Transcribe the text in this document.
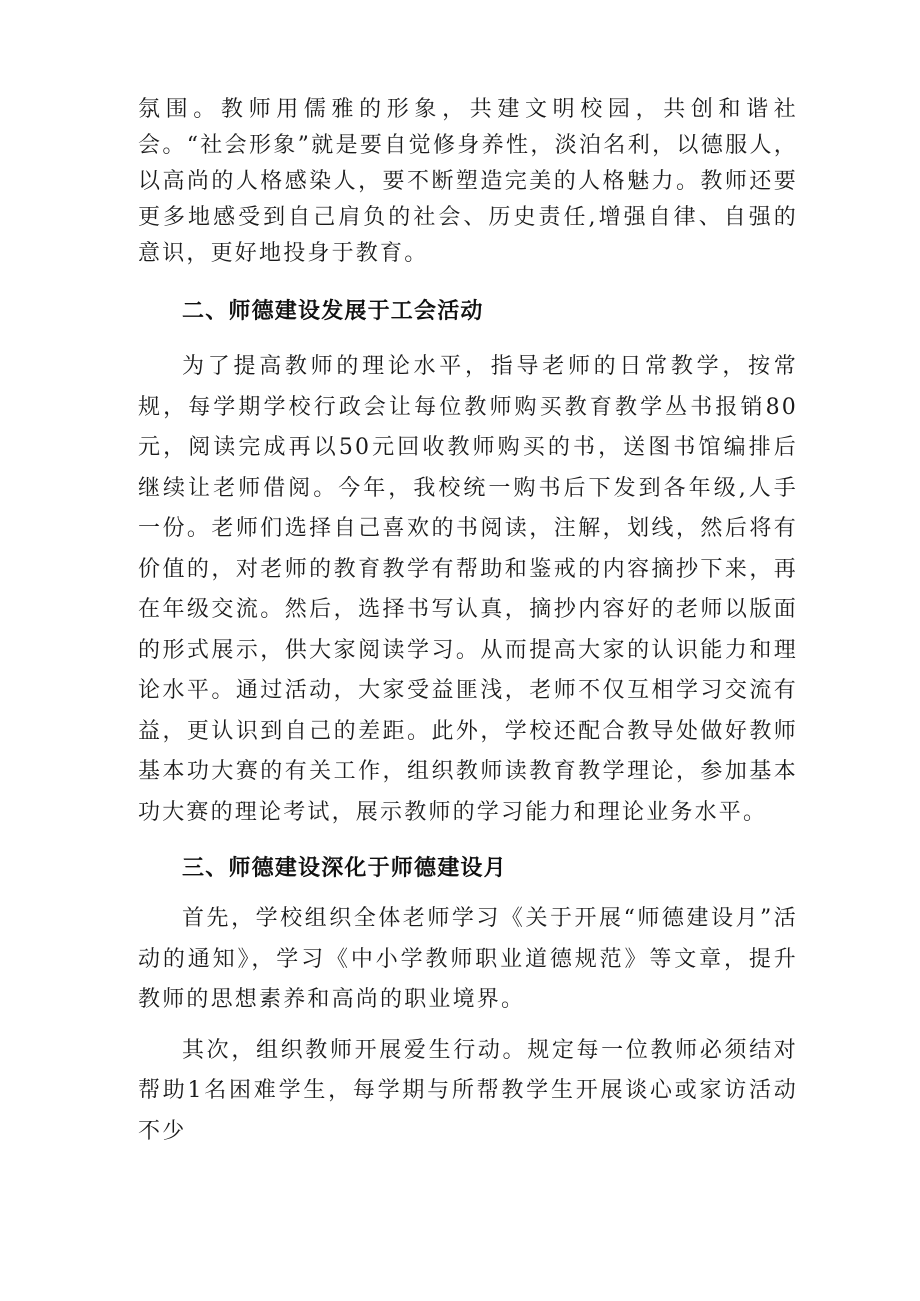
氛围。教师用儒雅的形象，共建文明校园，共创和谐社会。“社会形象”就是要自觉修身养性，淡泊名利，以德服人，以高尚的人格感染人，要不断塑造完美的人格魅力。教师还要更多地感受到自己肩负的社会、历史责任,增强自律、自强的意识，更好地投身于教育。

二、师德建设发展于工会活动

为了提高教师的理论水平，指导老师的日常教学，按常规，每学期学校行政会让每位教师购买教育教学丛书报销80元，阅读完成再以50元回收教师购买的书，送图书馆编排后继续让老师借阅。今年，我校统一购书后下发到各年级,人手一份。老师们选择自己喜欢的书阅读，注解，划线，然后将有价值的，对老师的教育教学有帮助和鉴戒的内容摘抄下来，再在年级交流。然后，选择书写认真，摘抄内容好的老师以版面的形式展示，供大家阅读学习。从而提高大家的认识能力和理论水平。通过活动，大家受益匪浅，老师不仅互相学习交流有益，更认识到自己的差距。此外，学校还配合教导处做好教师基本功大赛的有关工作，组织教师读教育教学理论，参加基本功大赛的理论考试，展示教师的学习能力和理论业务水平。

三、师德建设深化于师德建设月

首先，学校组织全体老师学习《关于开展“师德建设月”活动的通知》，学习《中小学教师职业道德规范》等文章，提升教师的思想素养和高尚的职业境界。

其次，组织教师开展爱生行动。规定每一位教师必须结对帮助1名困难学生，每学期与所帮教学生开展谈心或家访活动不少
